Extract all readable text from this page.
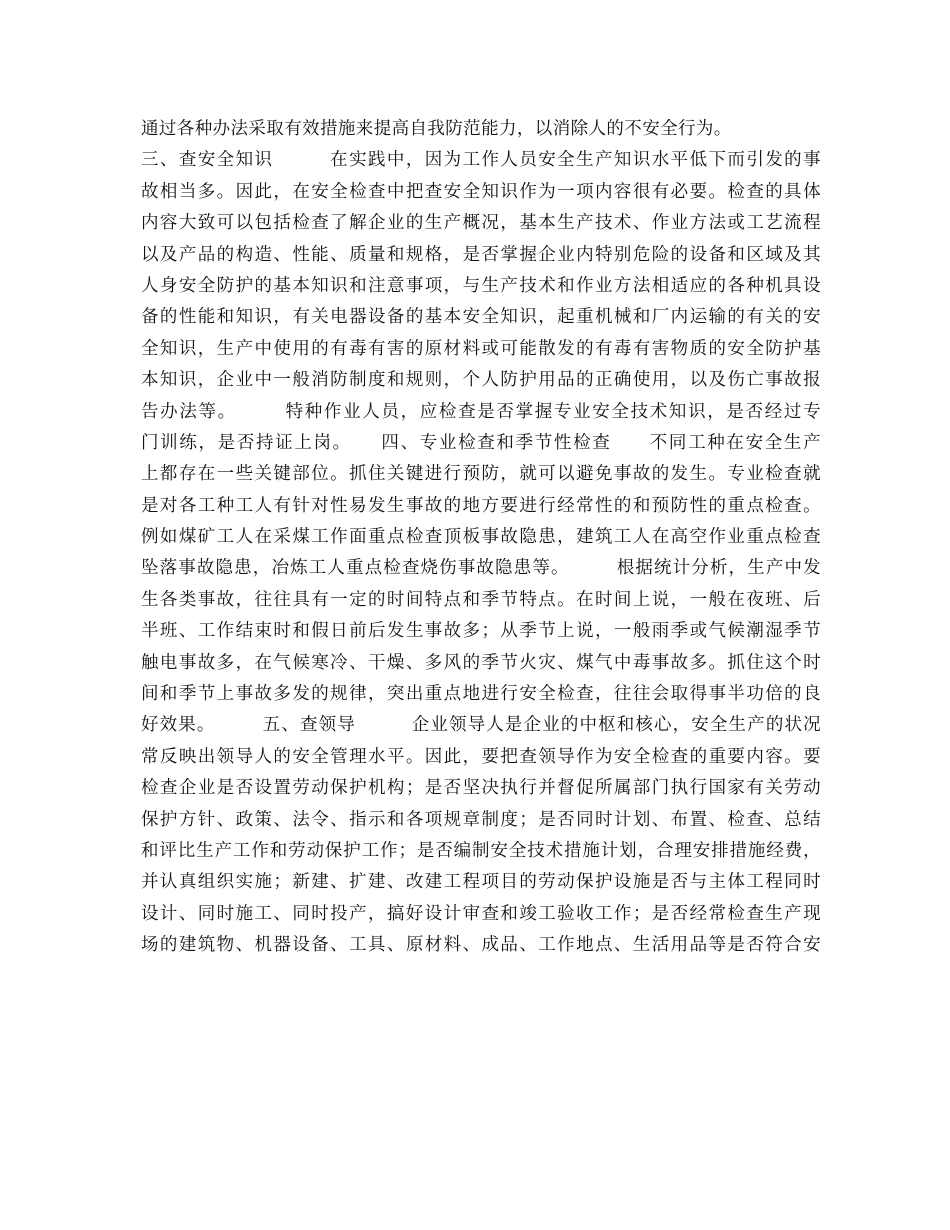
通过各种办法采取有效措施来提高自我防范能力，以消除人的不安全行为。
三、查安全知识　　　在实践中，因为工作人员安全生产知识水平低下而引发的事
故相当多。因此，在安全检查中把查安全知识作为一项内容很有必要。检查的具体
内容大致可以包括检查了解企业的生产概况，基本生产技术、作业方法或工艺流程
以及产品的构造、性能、质量和规格，是否掌握企业内特别危险的设备和区域及其
人身安全防护的基本知识和注意事项，与生产技术和作业方法相适应的各种机具设
备的性能和知识，有关电器设备的基本安全知识，起重机械和厂内运输的有关的安
全知识，生产中使用的有毒有害的原材料或可能散发的有毒有害物质的安全防护基
本知识，企业中一般消防制度和规则，个人防护用品的正确使用，以及伤亡事故报
告办法等。　　　特种作业人员，应检查是否掌握专业安全技术知识，是否经过专
门训练，是否持证上岗。　　四、专业检查和季节性检查　　不同工种在安全生产
上都存在一些关键部位。抓住关键进行预防，就可以避免事故的发生。专业检查就
是对各工种工人有针对性易发生事故的地方要进行经常性的和预防性的重点检查。
例如煤矿工人在采煤工作面重点检查顶板事故隐患，建筑工人在高空作业重点检查
坠落事故隐患，冶炼工人重点检查烧伤事故隐患等。　　　根据统计分析，生产中发
生各类事故，往往具有一定的时间特点和季节特点。在时间上说，一般在夜班、后
半班、工作结束时和假日前后发生事故多；从季节上说，一般雨季或气候潮湿季节
触电事故多，在气候寒冷、干燥、多风的季节火灾、煤气中毒事故多。抓住这个时
间和季节上事故多发的规律，突出重点地进行安全检查，往往会取得事半功倍的良
好效果。　　　五、查领导　　　企业领导人是企业的中枢和核心，安全生产的状况
常反映出领导人的安全管理水平。因此，要把查领导作为安全检查的重要内容。要
检查企业是否设置劳动保护机构；是否坚决执行并督促所属部门执行国家有关劳动
保护方针、政策、法令、指示和各项规章制度；是否同时计划、布置、检查、总结
和评比生产工作和劳动保护工作；是否编制安全技术措施计划，合理安排措施经费，
并认真组织实施；新建、扩建、改建工程项目的劳动保护设施是否与主体工程同时
设计、同时施工、同时投产，搞好设计审查和竣工验收工作；是否经常检查生产现
场的建筑物、机器设备、工具、原材料、成品、工作地点、生活用品等是否符合安
